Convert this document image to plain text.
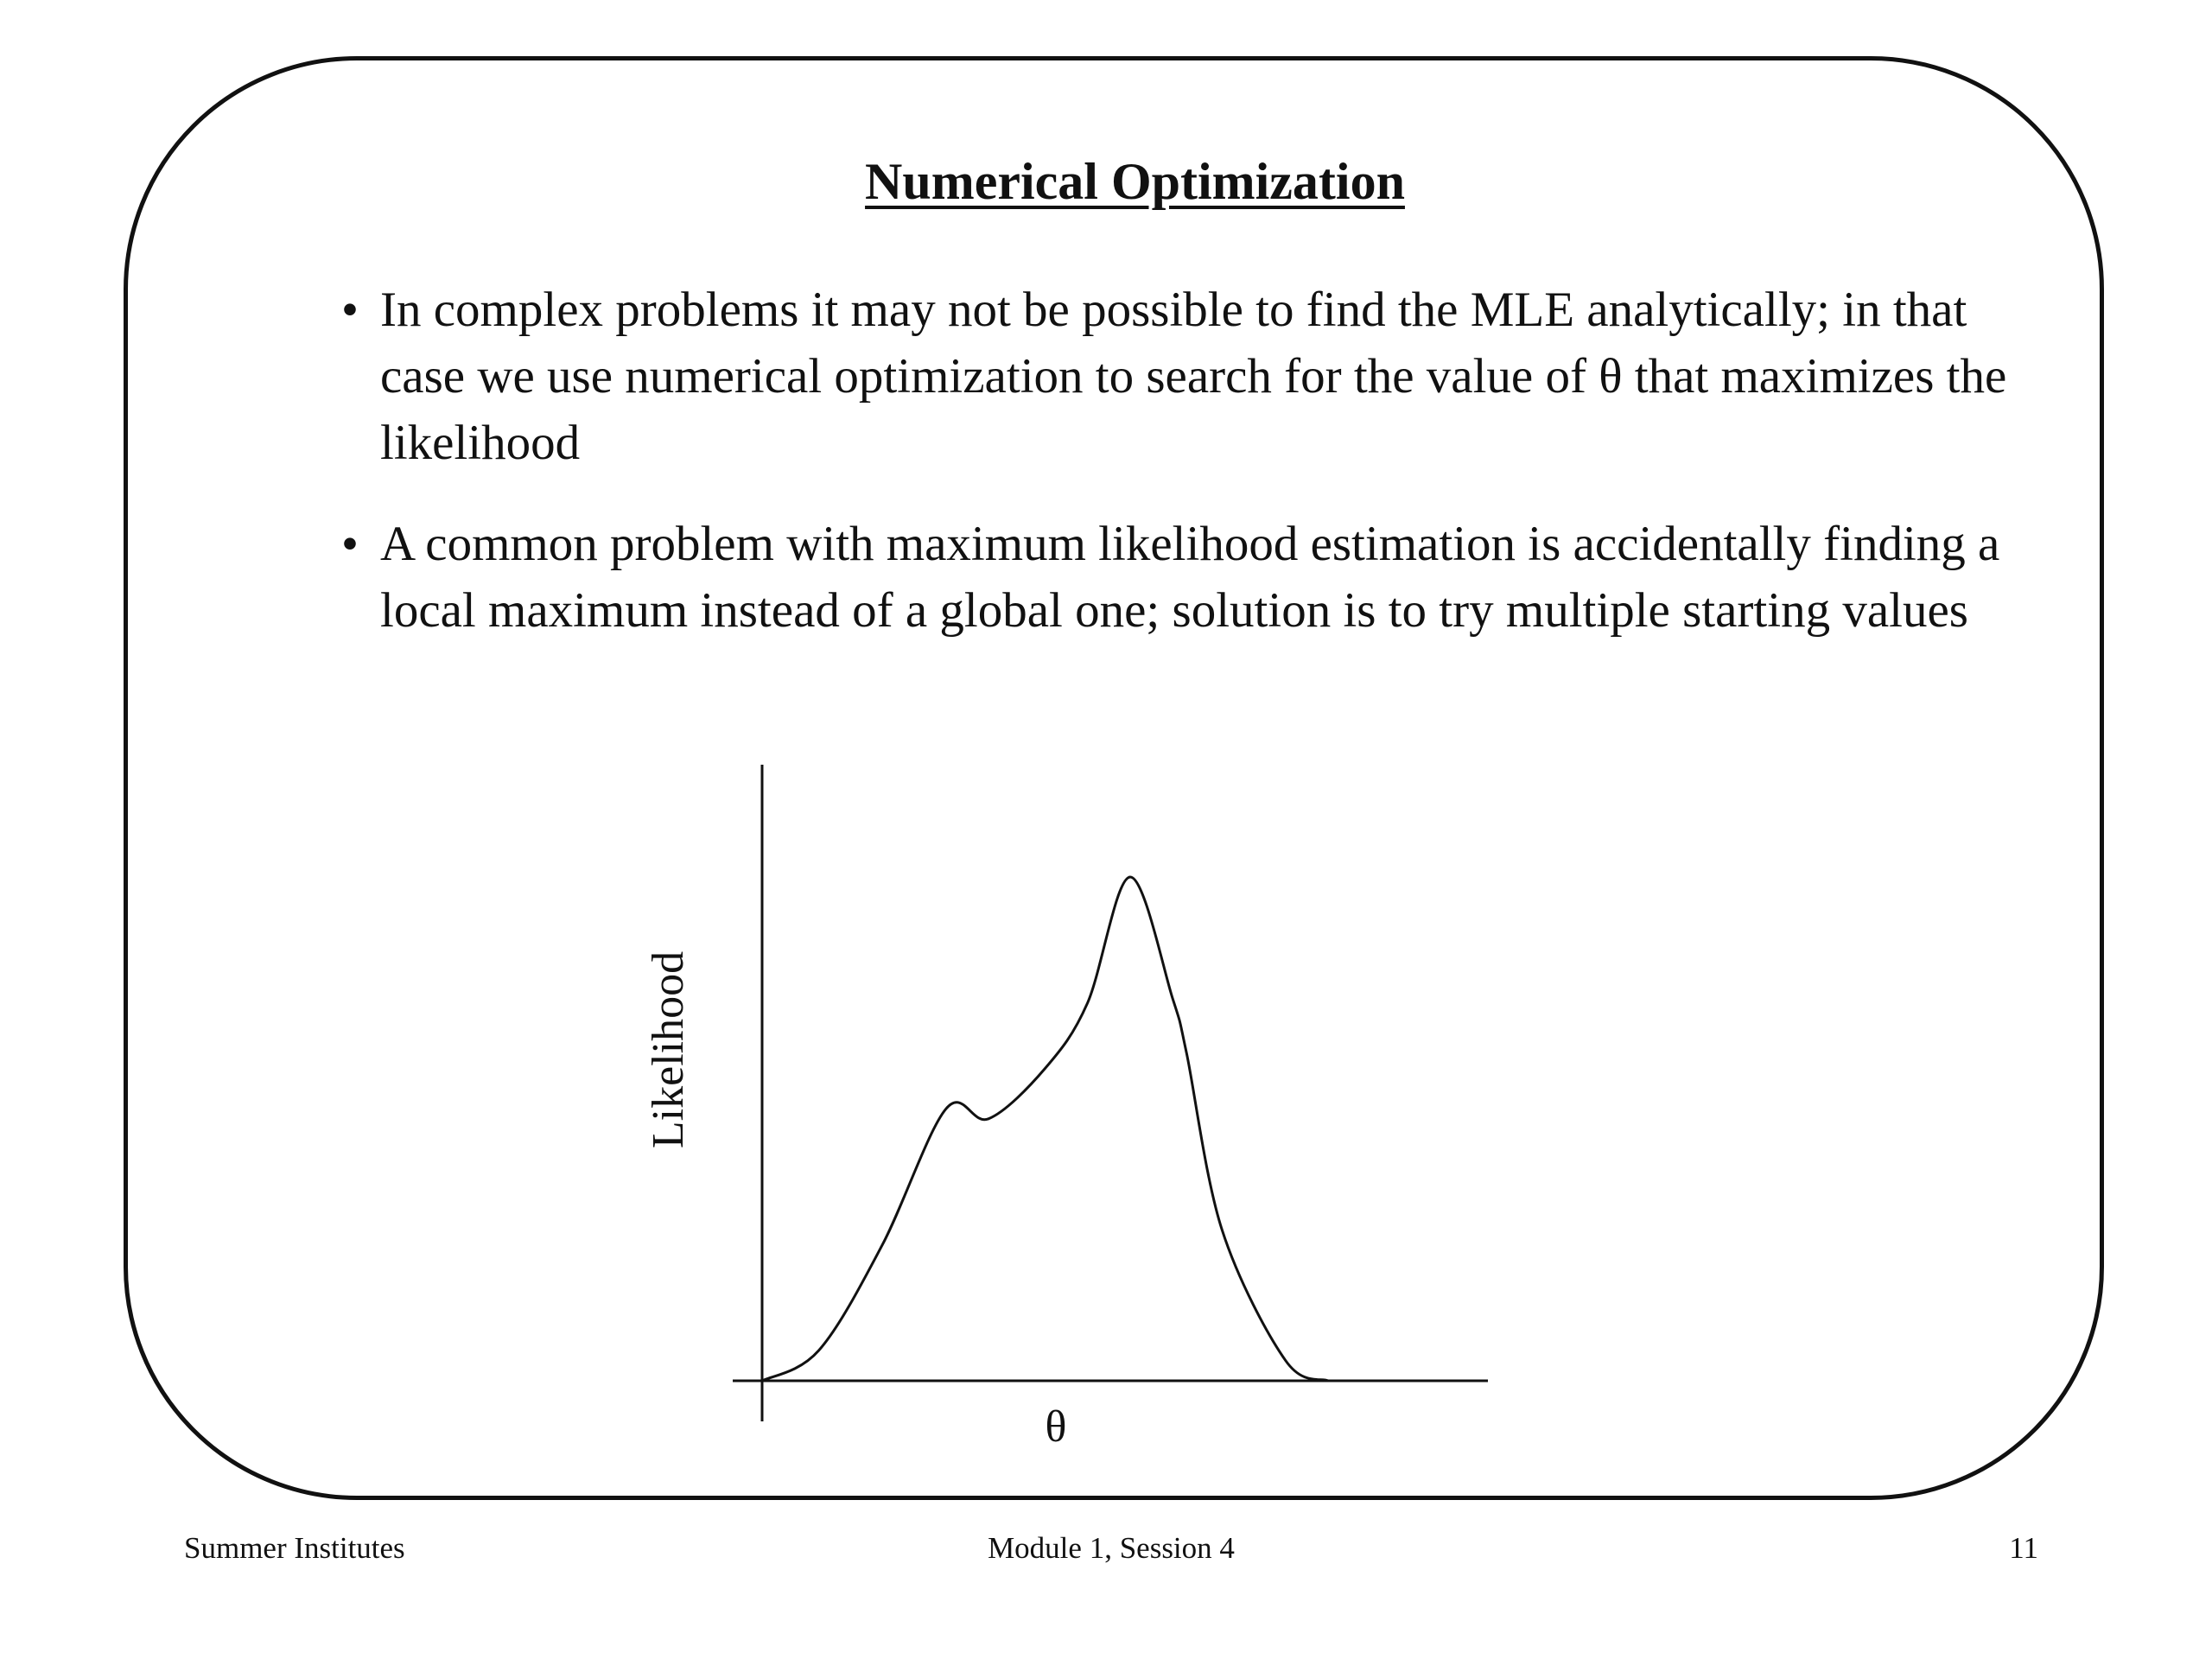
Numerical Optimization
• In complex problems it may not be possible to find the MLE analytically; in that case we use numerical optimization to search for the value of θ that maximizes the likelihood
• A common problem with maximum likelihood estimation is accidentally finding a local maximum instead of a global one; solution is to try multiple starting values
Likelihood
θ
Summer Institutes	Module 1, Session 4	11
